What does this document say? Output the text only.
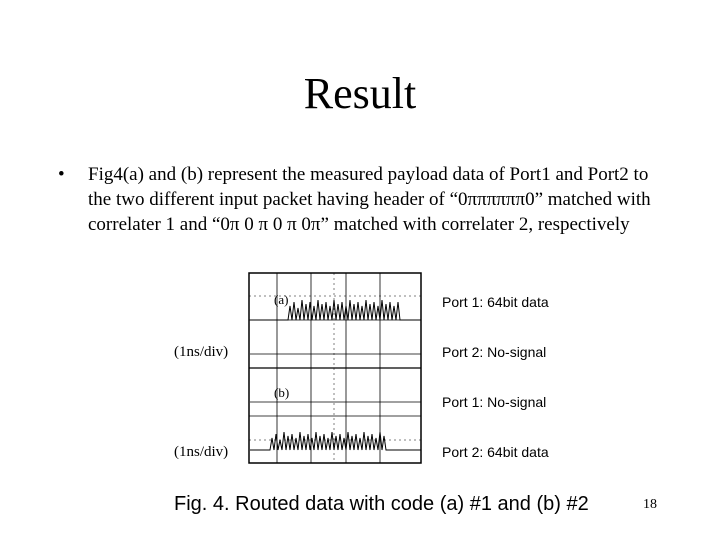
Result
• Fig4(a) and (b) represent the measured payload data of Port1 and Port2 to the two different input packet having header of “0ππππππ0” matched with correlater 1 and “0π 0 π 0 π 0π” matched with correlater 2, respectively
(a)
(b)
(1ns/div)
(1ns/div)
Port 1: 64bit data
Port 2: No-signal
Port 1: No-signal
Port 2: 64bit data
Fig. 4. Routed data with code (a) #1 and (b) #2	18
